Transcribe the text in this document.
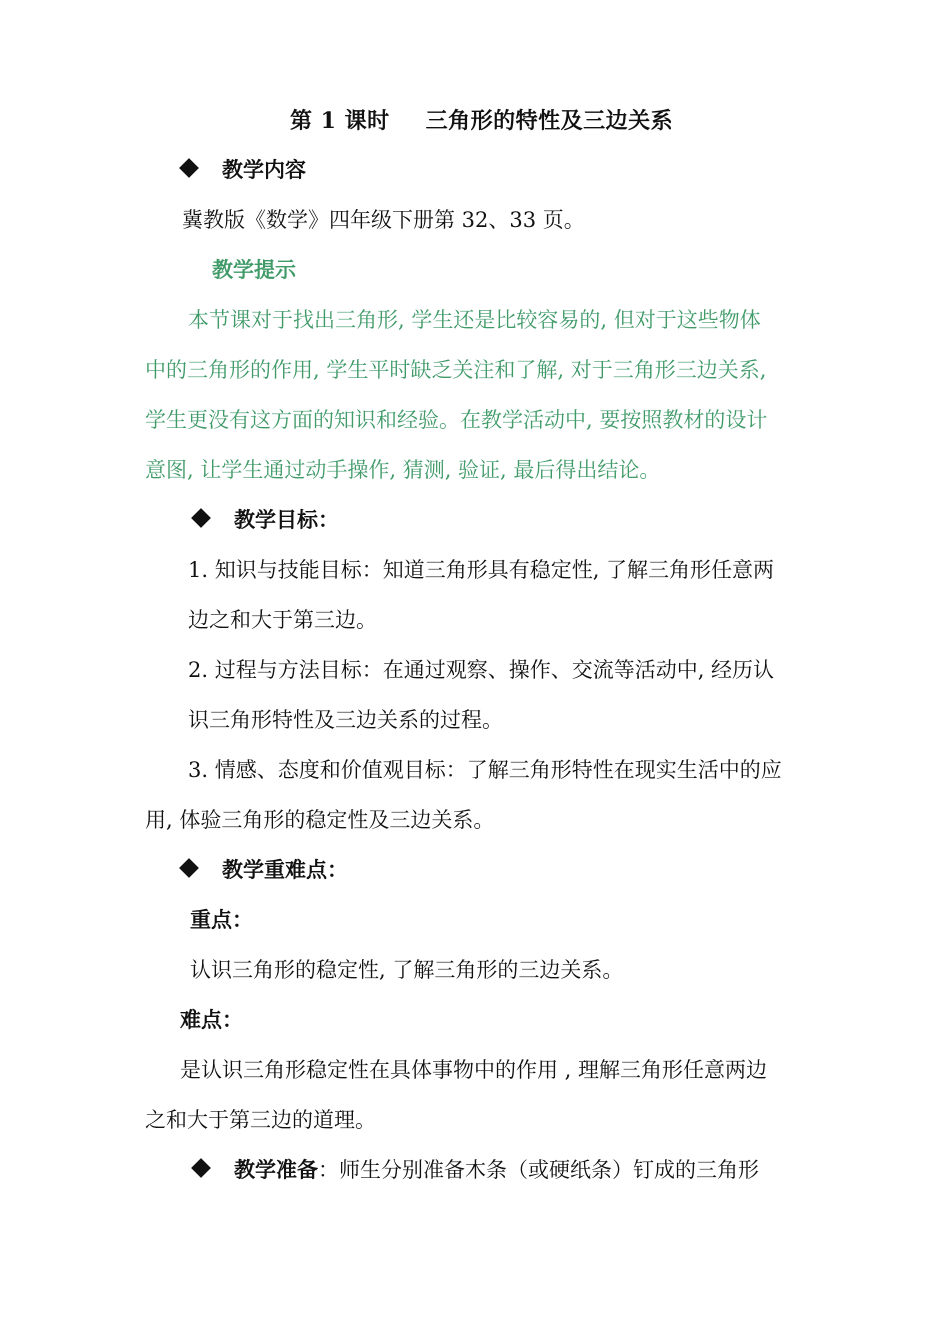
第 1 课时 三角形的特性及三边关系
教学内容
冀教版《数学》四年级下册第 32、33 页。
教学提示
本节课对于找出三角形, 学生还是比较容易的, 但对于这些物体
中的三角形的作用, 学生平时缺乏关注和了解, 对于三角形三边关系,
学生更没有这方面的知识和经验。在教学活动中, 要按照教材的设计
意图, 让学生通过动手操作, 猜测, 验证, 最后得出结论。
教学目标：
1. 知识与技能目标：知道三角形具有稳定性, 了解三角形任意两
边之和大于第三边。
2. 过程与方法目标：在通过观察、操作、交流等活动中, 经历认
识三角形特性及三边关系的过程。
3. 情感、态度和价值观目标：了解三角形特性在现实生活中的应
用, 体验三角形的稳定性及三边关系。
教学重难点：
重点：
认识三角形的稳定性, 了解三角形的三边关系。
难点：
是认识三角形稳定性在具体事物中的作用 , 理解三角形任意两边
之和大于第三边的道理。
教学准备：师生分别准备木条（或硬纸条）钉成的三角形
